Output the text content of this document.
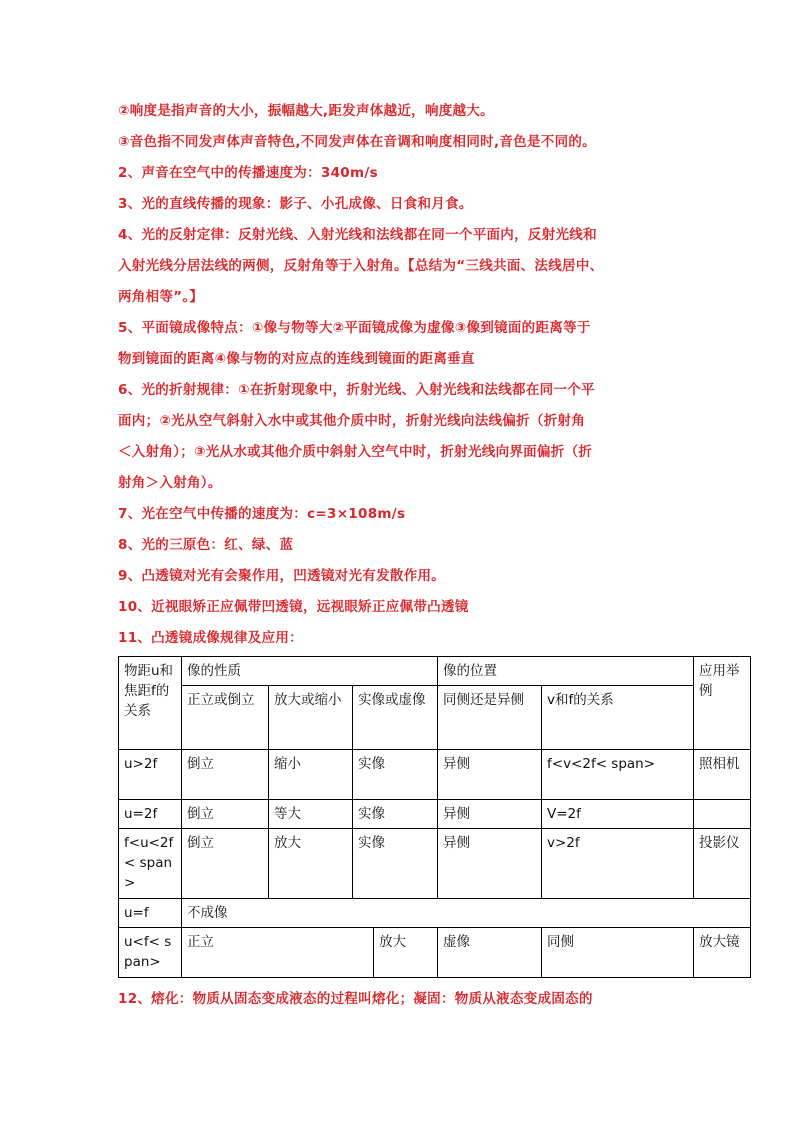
②响度是指声音的大小，振幅越大,距发声体越近，响度越大。
③音色指不同发声体声音特色,不同发声体在音调和响度相同时,音色是不同的。
2、声音在空气中的传播速度为：340m/s
3、光的直线传播的现象：影子、小孔成像、日食和月食。
4、光的反射定律：反射光线、入射光线和法线都在同一个平面内，反射光线和
入射光线分居法线的两侧，反射角等于入射角。【总结为“三线共面、法线居中、
两角相等”。】
5、平面镜成像特点：①像与物等大②平面镜成像为虚像③像到镜面的距离等于
物到镜面的距离④像与物的对应点的连线到镜面的距离垂直
6、光的折射规律：①在折射现象中，折射光线、入射光线和法线都在同一个平
面内；②光从空气斜射入水中或其他介质中时，折射光线向法线偏折（折射角
＜入射角）；③光从水或其他介质中斜射入空气中时，折射光线向界面偏折（折
射角＞入射角）。
7、光在空气中传播的速度为：c=3×108m/s
8、光的三原色：红、绿、蓝
9、凸透镜对光有会聚作用，凹透镜对光有发散作用。
10、近视眼矫正应佩带凹透镜，远视眼矫正应佩带凸透镜
11、凸透镜成像规律及应用：
物距u和焦距f的关系	像的性质				像的位置		应用举例
	正立或倒立	放大或缩小	实像或虚像		同侧还是异侧	v和f的关系	
u>2f	倒立	缩小	实像		异侧	f<v<2f< span>	照相机
u=2f	倒立	等大	实像		异侧	V=2f	
f<u<2f< span>	倒立	放大	实像		异侧	v>2f	投影仪
u=f	不成像						
u<f< span>	正立			放大	虚像	同侧	放大镜
12、熔化：物质从固态变成液态的过程叫熔化；凝固：物质从液态变成固态的
